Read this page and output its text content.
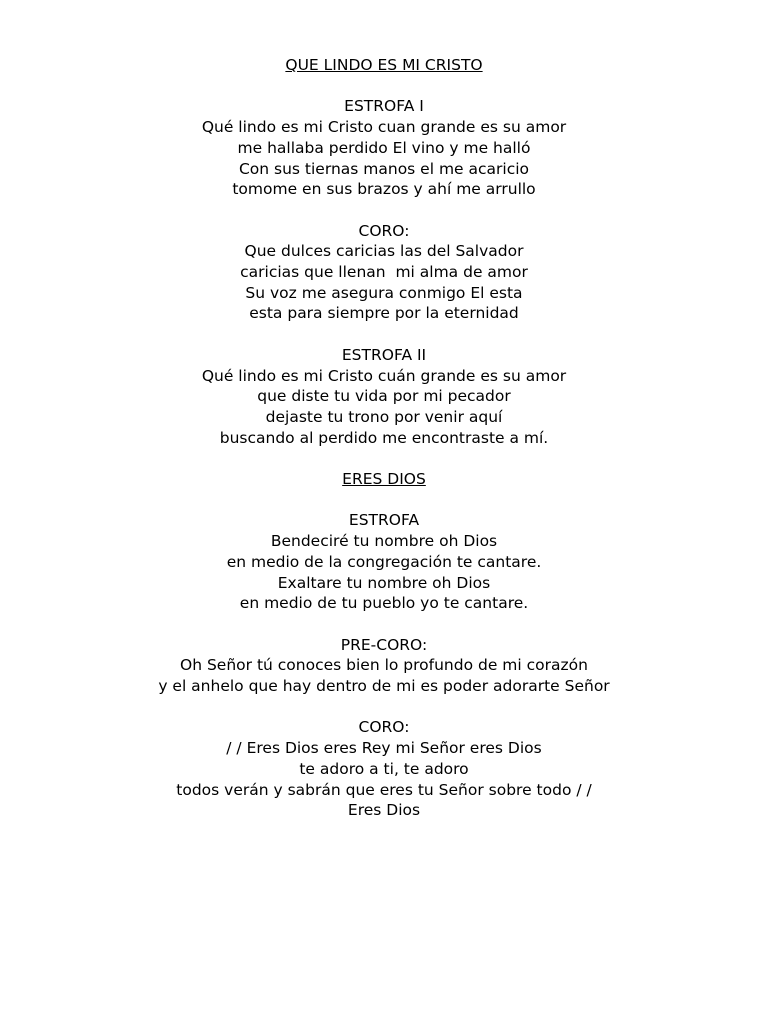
QUE LINDO ES MI CRISTO
ESTROFA I
Qué lindo es mi Cristo cuan grande es su amor
me hallaba perdido El vino y me halló
Con sus tiernas manos el me acaricio
tomome en sus brazos y ahí me arrullo
CORO:
Que dulces caricias las del Salvador
caricias que llenan  mi alma de amor
Su voz me asegura conmigo El esta
esta para siempre por la eternidad
ESTROFA II
Qué lindo es mi Cristo cuán grande es su amor
que diste tu vida por mi pecador
dejaste tu trono por venir aquí
buscando al perdido me encontraste a mí.
ERES DIOS
ESTROFA
Bendeciré tu nombre oh Dios
en medio de la congregación te cantare.
Exaltare tu nombre oh Dios
en medio de tu pueblo yo te cantare.
PRE-CORO:
Oh Señor tú conoces bien lo profundo de mi corazón
y el anhelo que hay dentro de mi es poder adorarte Señor
CORO:
/ / Eres Dios eres Rey mi Señor eres Dios
te adoro a ti, te adoro
todos verán y sabrán que eres tu Señor sobre todo / /
Eres Dios
